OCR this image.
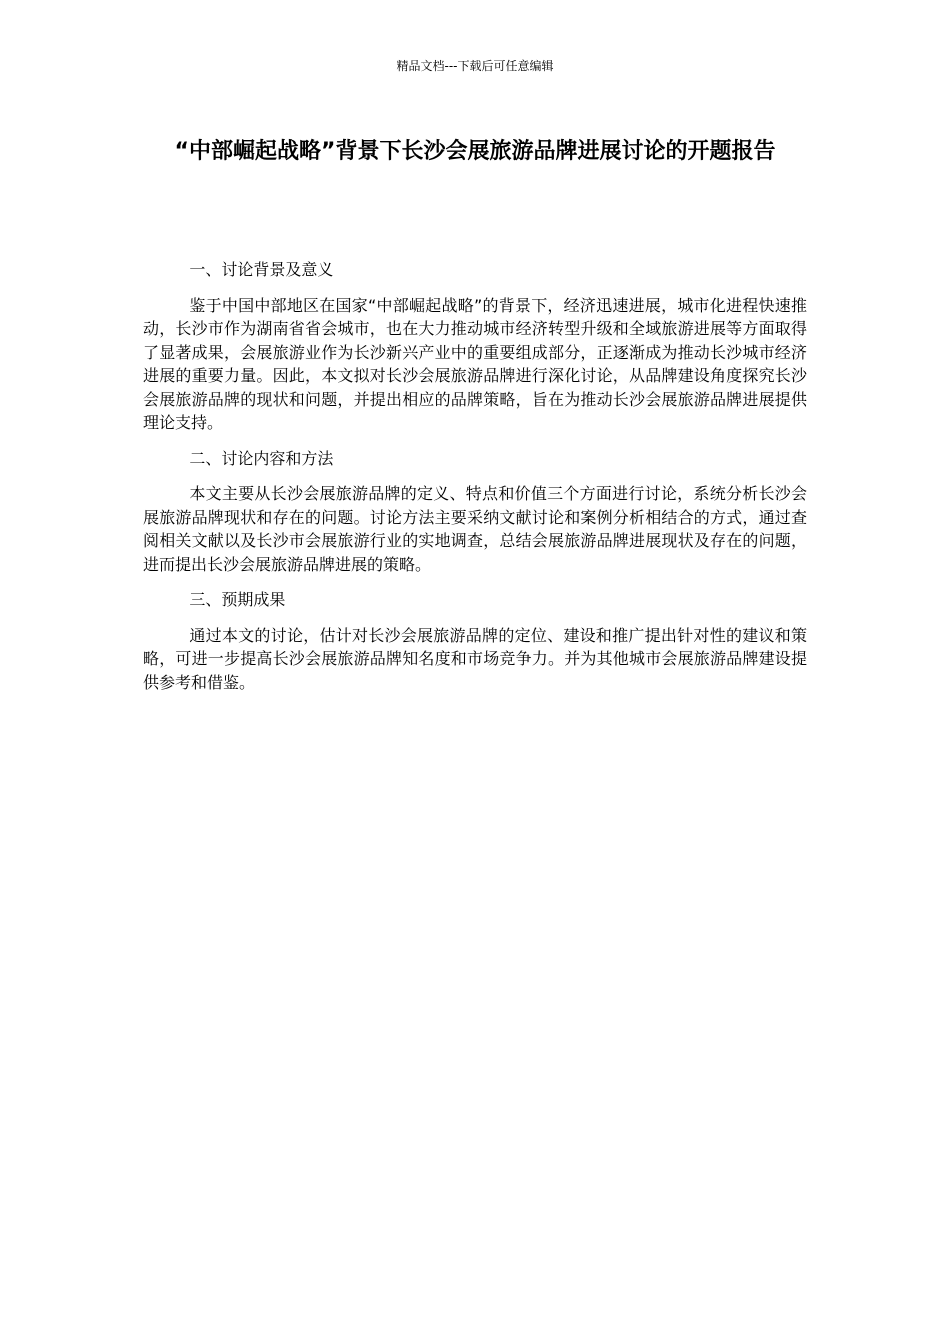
精品文档---下载后可任意编辑
“中部崛起战略”背景下长沙会展旅游品牌进展讨论的开题报告

一、讨论背景及意义

鉴于中国中部地区在国家“中部崛起战略”的背景下，经济迅速进展，城市化进程快速推动，长沙市作为湖南省省会城市，也在大力推动城市经济转型升级和全域旅游进展等方面取得了显著成果，会展旅游业作为长沙新兴产业中的重要组成部分，正逐渐成为推动长沙城市经济进展的重要力量。因此，本文拟对长沙会展旅游品牌进行深化讨论，从品牌建设角度探究长沙会展旅游品牌的现状和问题，并提出相应的品牌策略，旨在为推动长沙会展旅游品牌进展提供理论支持。

二、讨论内容和方法

本文主要从长沙会展旅游品牌的定义、特点和价值三个方面进行讨论，系统分析长沙会展旅游品牌现状和存在的问题。讨论方法主要采纳文献讨论和案例分析相结合的方式，通过查阅相关文献以及长沙市会展旅游行业的实地调查，总结会展旅游品牌进展现状及存在的问题，进而提出长沙会展旅游品牌进展的策略。

三、预期成果

通过本文的讨论，估计对长沙会展旅游品牌的定位、建设和推广提出针对性的建议和策略，可进一步提高长沙会展旅游品牌知名度和市场竞争力。并为其他城市会展旅游品牌建设提供参考和借鉴。
